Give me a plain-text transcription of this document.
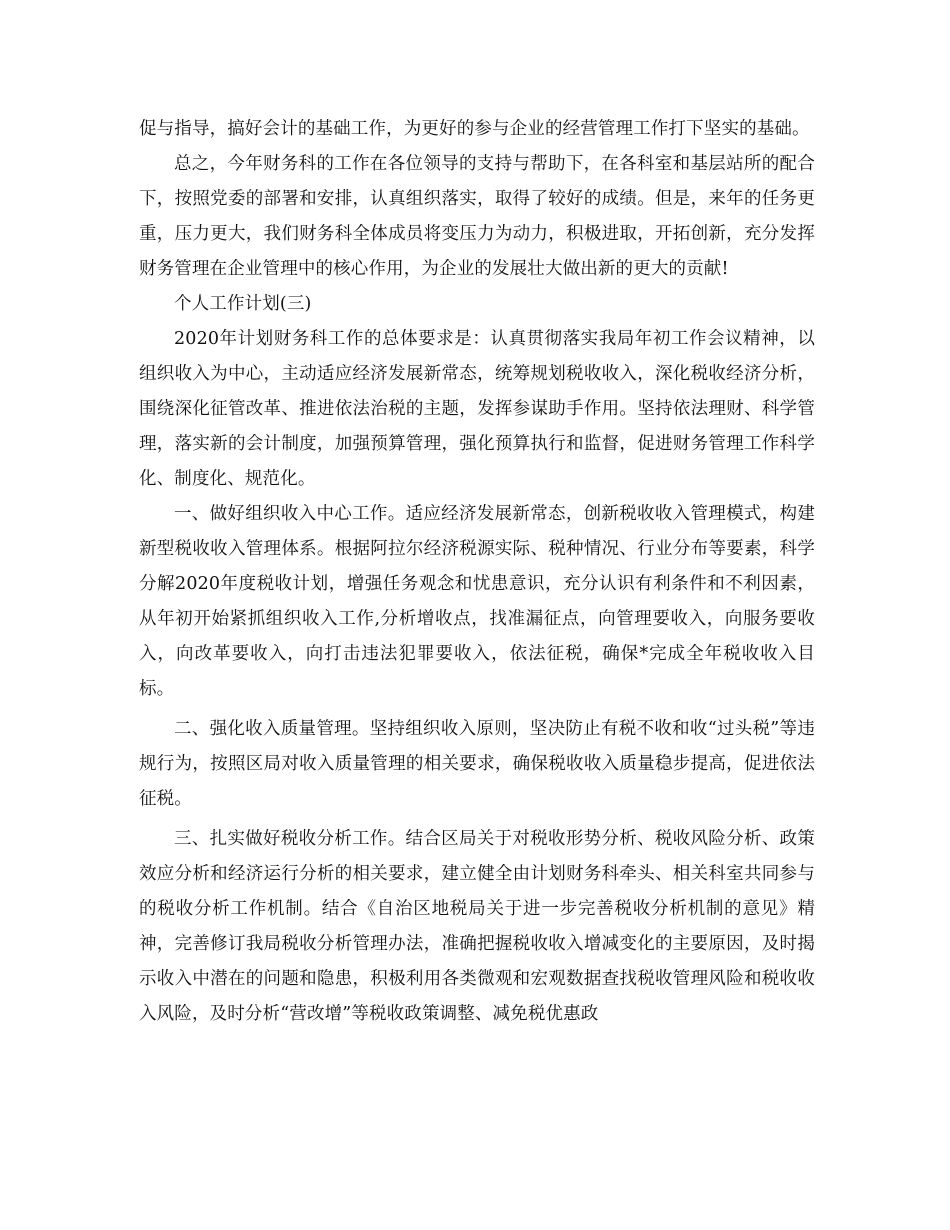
促与指导，搞好会计的基础工作，为更好的参与企业的经营管理工作打下坚实的基础。

总之，今年财务科的工作在各位领导的支持与帮助下，在各科室和基层站所的配合下，按照党委的部署和安排，认真组织落实，取得了较好的成绩。但是，来年的任务更重，压力更大，我们财务科全体成员将变压力为动力，积极进取，开拓创新，充分发挥财务管理在企业管理中的核心作用，为企业的发展壮大做出新的更大的贡献!

个人工作计划(三)

2020年计划财务科工作的总体要求是：认真贯彻落实我局年初工作会议精神，以组织收入为中心，主动适应经济发展新常态，统筹规划税收收入，深化税收经济分析，围绕深化征管改革、推进依法治税的主题，发挥参谋助手作用。坚持依法理财、科学管理，落实新的会计制度，加强预算管理，强化预算执行和监督，促进财务管理工作科学化、制度化、规范化。

一、做好组织收入中心工作。适应经济发展新常态，创新税收收入管理模式，构建新型税收收入管理体系。根据阿拉尔经济税源实际、税种情况、行业分布等要素，科学分解2020年度税收计划，增强任务观念和忧患意识，充分认识有利条件和不利因素，从年初开始紧抓组织收入工作,分析增收点，找准漏征点，向管理要收入，向服务要收入，向改革要收入，向打击违法犯罪要收入，依法征税，确保*完成全年税收收入目标。

二、强化收入质量管理。坚持组织收入原则，坚决防止有税不收和收“过头税”等违规行为，按照区局对收入质量管理的相关要求，确保税收收入质量稳步提高，促进依法征税。

三、扎实做好税收分析工作。结合区局关于对税收形势分析、税收风险分析、政策效应分析和经济运行分析的相关要求，建立健全由计划财务科牵头、相关科室共同参与的税收分析工作机制。结合《自治区地税局关于进一步完善税收分析机制的意见》精神，完善修订我局税收分析管理办法，准确把握税收收入增减变化的主要原因，及时揭示收入中潜在的问题和隐患，积极利用各类微观和宏观数据查找税收管理风险和税收收入风险，及时分析“营改增”等税收政策调整、减免税优惠政
